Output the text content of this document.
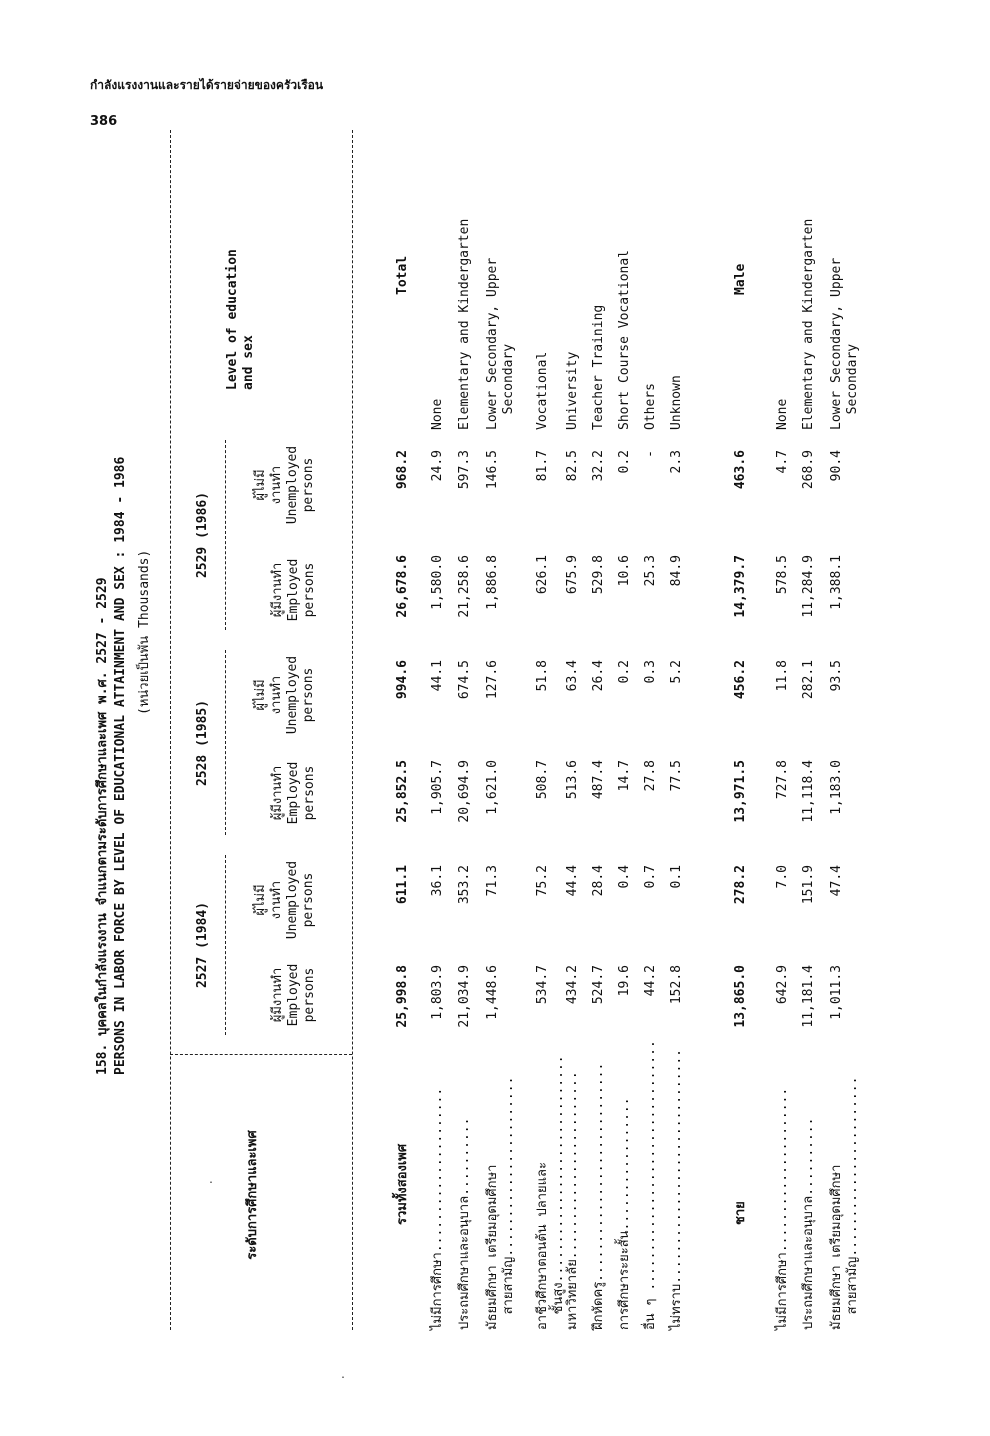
กำลังแรงงานและรายได้รายจ่ายของครัวเรือน
386
.
.
158. บุคคลในกำลังแรงงาน จำแนกตามระดับการศึกษาและเพศ พ.ศ. 2527 - 2529 PERSONS IN LABOR FORCE BY LEVEL OF EDUCATIONAL ATTAINMENT AND SEX : 1984 - 1986 (หน่วยเป็นพัน Thousands)
ระดับการศึกษาและเพศ
Level of education
and sex
2527 (1984)
2528 (1985)
2529 (1986)
ผู้มีงานทำ
Employed
persons
ผู้ไม่มี
งานทำ
Unemployed
persons
ผู้มีงานทำ
Employed
persons
ผู้ไม่มี
งานทำ
Unemployed
persons
ผู้มีงานทำ
Employed
persons
ผู้ไม่มี
งานทำ
Unemployed
persons
รวมทั้งสองเพศ
25,998.8
611.1
25,852.5
994.6
26,678.6
968.2
Total
ไม่มีการศึกษา.....................
1,803.9
36.1
1,905.7
44.1
1,580.0
24.9
None
ประถมศึกษาและอนุบาล..........
21,034.9
353.2
20,694.9
674.5
21,258.6
597.3
Elementary and Kindergarten
มัธยมศึกษา เตรียมอุดมศึกษา
สายสามัญ.......................
1,448.6
71.3
1,621.0
127.6
1,886.8
146.5
Lower Secondary, Upper
Secondary
อาชีวศึกษาตอนต้น ปลายและ
ชั้นสูง.............................
534.7
75.2
508.7
51.8
626.1
81.7
Vocational
มหาวิทยาลัย........................
434.2
44.4
513.6
63.4
675.9
82.5
University
ฝึกหัดครู............................
524.7
28.4
487.4
26.4
529.8
32.2
Teacher Training
การศึกษาระยะสั้น.................
19.6
0.4
14.7
0.2
10.6
0.2
Short Course Vocational
อื่น ๆ ................................
44.2
0.7
27.8
0.3
25.3
-
Others
ไม่ทราบ..............................
152.8
0.1
77.5
5.2
84.9
2.3
Unknown
ชาย
13,865.0
278.2
13,971.5
456.2
14,379.7
463.6
Male
ไม่มีการศึกษา.....................
642.9
7.0
727.8
11.8
578.5
4.7
None
ประถมศึกษาและอนุบาล..........
11,181.4
151.9
11,118.4
282.1
11,284.9
268.9
Elementary and Kindergarten
มัธยมศึกษา เตรียมอุดมศึกษา
สายสามัญ.......................
1,011.3
47.4
1,183.0
93.5
1,388.1
90.4
Lower Secondary, Upper
Secondary
